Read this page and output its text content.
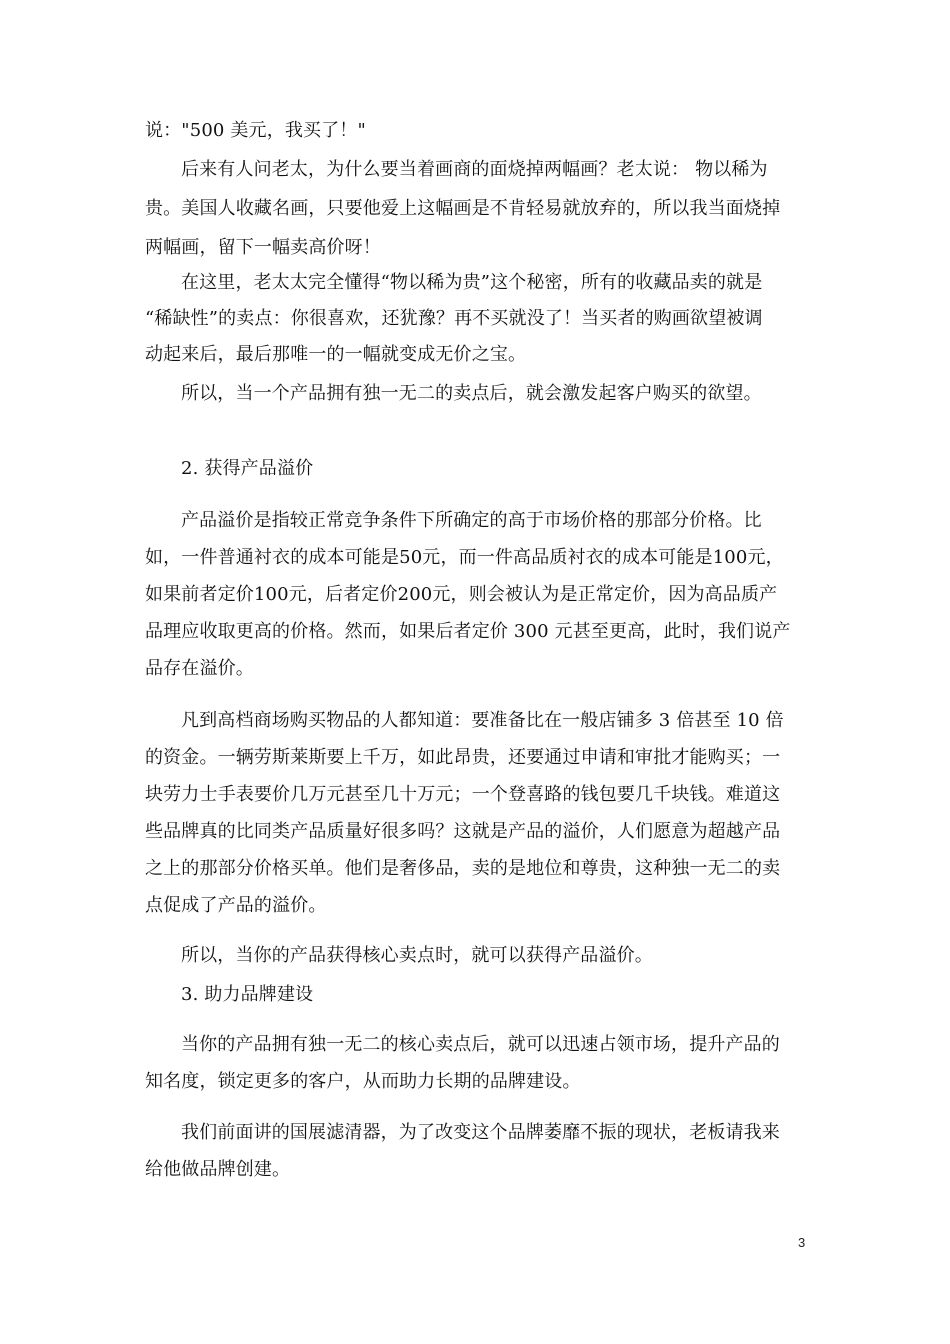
说："500 美元，我买了！"
后来有人问老太，为什么要当着画商的面烧掉两幅画？老太说： 物以稀为
贵。美国人收藏名画，只要他爱上这幅画是不肯轻易就放弃的，所以我当面烧掉
两幅画，留下一幅卖高价呀！
在这里，老太太完全懂得“物以稀为贵”这个秘密，所有的收藏品卖的就是
“稀缺性”的卖点：你很喜欢，还犹豫？再不买就没了！当买者的购画欲望被调
动起来后，最后那唯一的一幅就变成无价之宝。
所以，当一个产品拥有独一无二的卖点后，就会激发起客户购买的欲望。
2. 获得产品溢价
产品溢价是指较正常竞争条件下所确定的高于市场价格的那部分价格。比
如，一件普通衬衣的成本可能是50元，而一件高品质衬衣的成本可能是100元，
如果前者定价100元，后者定价200元，则会被认为是正常定价，因为高品质产
品理应收取更高的价格。然而，如果后者定价 300 元甚至更高，此时，我们说产
品存在溢价。
凡到高档商场购买物品的人都知道：要准备比在一般店铺多 3 倍甚至 10 倍
的资金。一辆劳斯莱斯要上千万，如此昂贵，还要通过申请和审批才能购买；一
块劳力士手表要价几万元甚至几十万元；一个登喜路的钱包要几千块钱。难道这
些品牌真的比同类产品质量好很多吗？这就是产品的溢价，人们愿意为超越产品
之上的那部分价格买单。他们是奢侈品，卖的是地位和尊贵，这种独一无二的卖
点促成了产品的溢价。
所以，当你的产品获得核心卖点时，就可以获得产品溢价。
3. 助力品牌建设
当你的产品拥有独一无二的核心卖点后，就可以迅速占领市场，提升产品的
知名度，锁定更多的客户，从而助力长期的品牌建设。
我们前面讲的国展滤清器，为了改变这个品牌萎靡不振的现状，老板请我来
给他做品牌创建。
3
